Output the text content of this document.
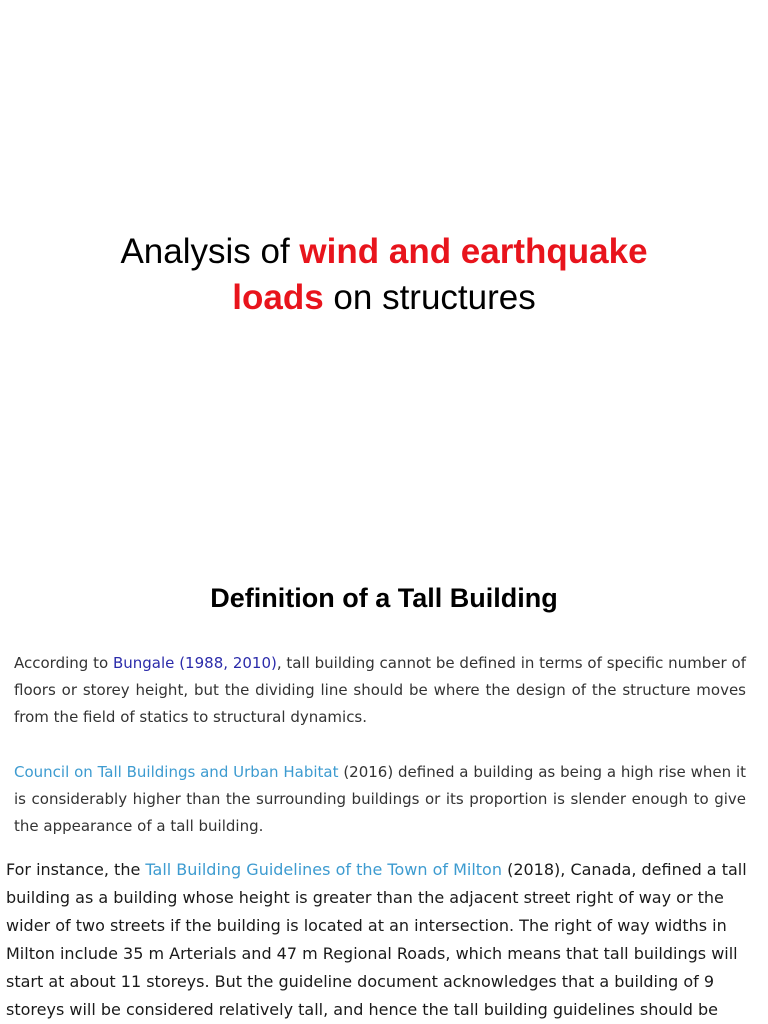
Analysis of wind and earthquake
loads on structures
Definition of a Tall Building

According to Bungale (1988, 2010), tall building cannot be defined in terms of specific number of floors or storey height, but the dividing line should be where the design of the structure moves from the field of statics to structural dynamics.

Council on Tall Buildings and Urban Habitat (2016) defined a building as being a high rise when it is considerably higher than the surrounding buildings or its proportion is slender enough to give the appearance of a tall building.

For instance, the Tall Building Guidelines of the Town of Milton (2018), Canada, defined a tall building as a building whose height is greater than the adjacent street right of way or the wider of two streets if the building is located at an intersection. The right of way widths in Milton include 35 m Arterials and 47 m Regional Roads, which means that tall buildings will start at about 11 storeys. But the guideline document acknowledges that a building of 9 storeys will be considered relatively tall, and hence the tall building guidelines should be
